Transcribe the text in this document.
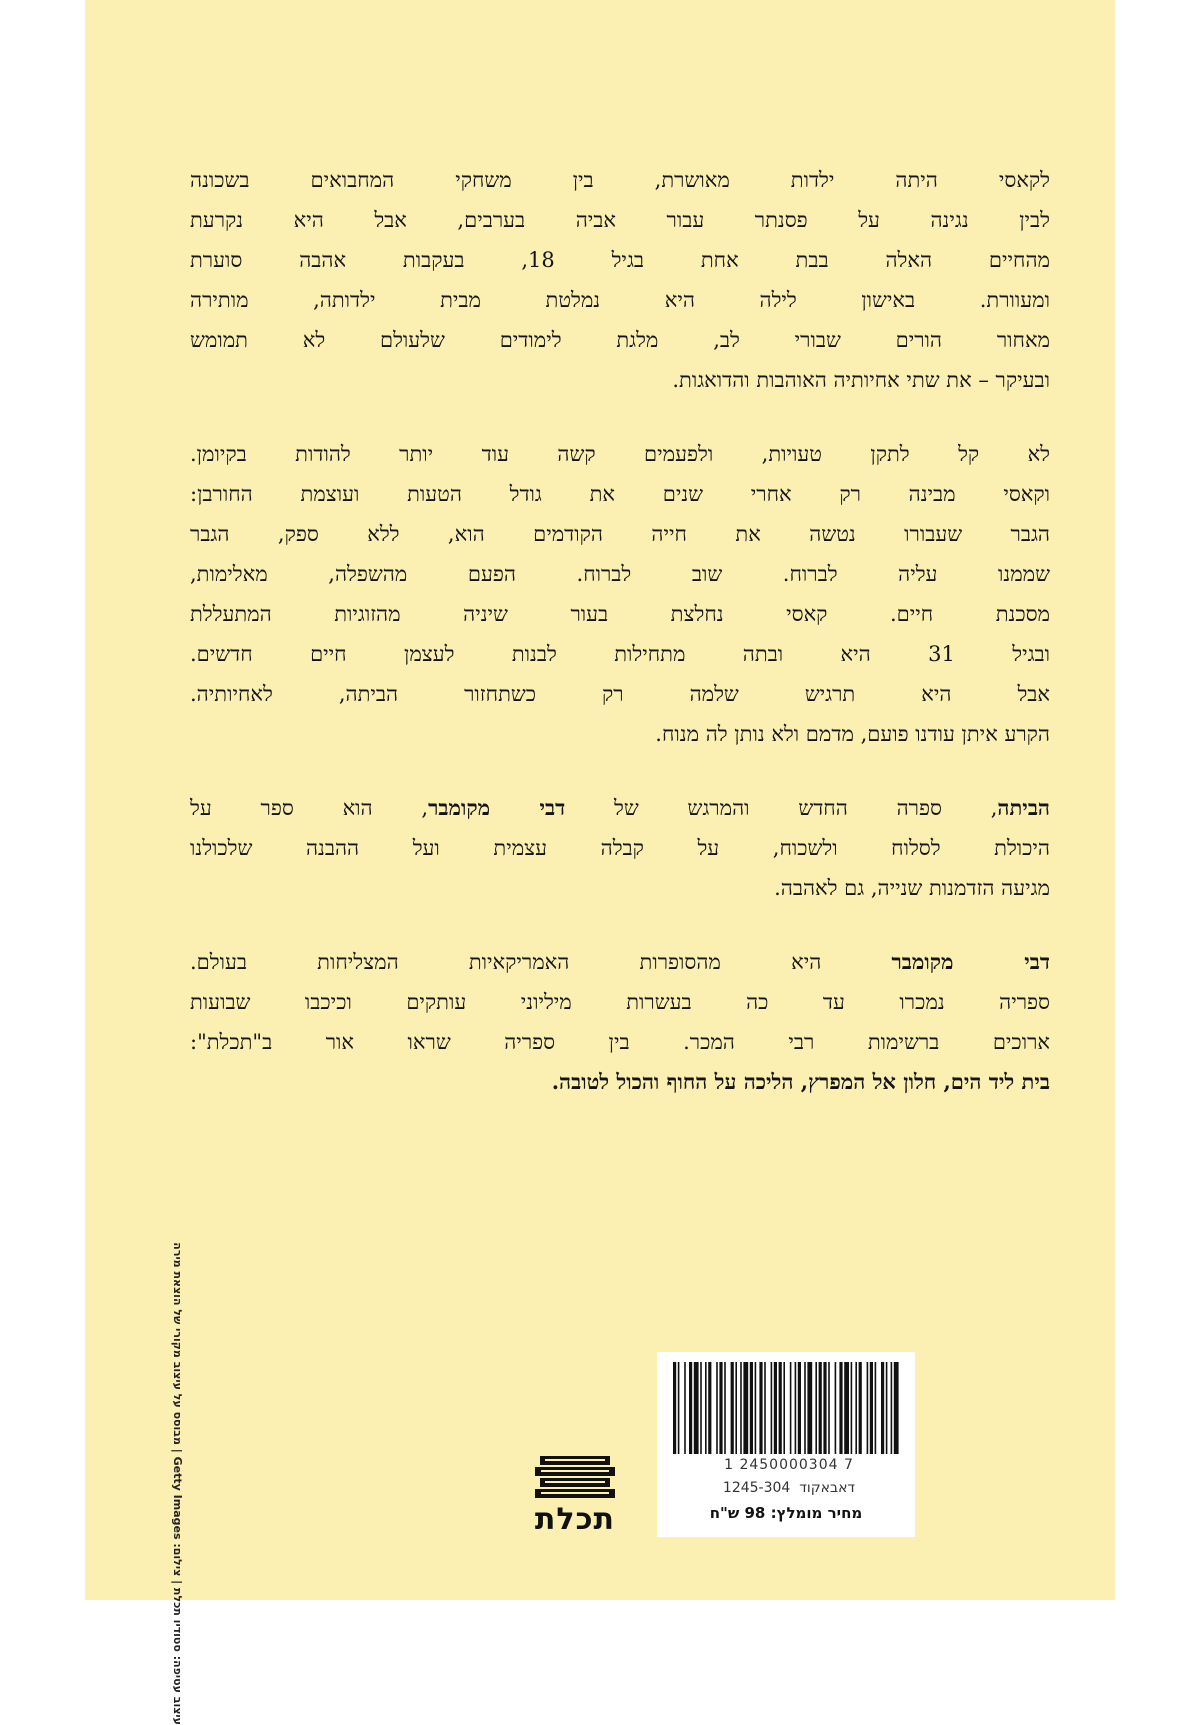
לקאסי היתה ילדות מאושרת, בין משחקי המחבואים בשכונה
לבין נגינה על פסנתר עבור אביה בערבים, אבל היא נקרעת
מהחיים האלה בבת אחת בגיל 18, בעקבות אהבה סוערת
ומעוורת. באישון לילה היא נמלטת מבית ילדותה, מותירה
מאחור הורים שבורי לב, מלגת לימודים שלעולם לא תמומש
ובעיקר – את שתי אחיותיה האוהבות והדואגות.

לא קל לתקן טעויות, ולפעמים קשה עוד יותר להודות בקיומן.
וקאסי מבינה רק אחרי שנים את גודל הטעות ועוצמת החורבן:
הגבר שעבורו נטשה את חייה הקודמים הוא, ללא ספק, הגבר
שממנו עליה לברוח. שוב לברוח. הפעם מהשפלה, מאלימות,
מסכנת חיים. קאסי נחלצת בעור שיניה מהזוגיות המתעללת
ובגיל 31 היא ובתה מתחילות לבנות לעצמן חיים חדשים.
אבל היא תרגיש שלמה רק כשתחזור הביתה, לאחיותיה.
הקרע איתן עודנו פועם, מדמם ולא נותן לה מנוח.

הביתה, ספרה החדש והמרגש של דבי מקומבר, הוא ספר על
היכולת לסלוח ולשכוח, על קבלה עצמית ועל ההבנה שלכולנו
מגיעה הזדמנות שנייה, גם לאהבה.

דבי מקומבר היא מהסופרות האמריקאיות המצליחות בעולם.
ספריה נמכרו עד כה בעשרות מיליוני עותקים וכיכבו שבועות
ארוכים ברשימות רבי המכר. בין ספריה שראו אור ב"תכלת":
בית ליד הים, חלון אל המפרץ, הליכה על החוף והכול לטובה.

עיצוב עטיפה: סטודיו תכלת | צילום: Getty Images | מבוסס על עיצוב מקורי של הוצאת מירה
1 2450000304 7
דאבאקוד  1245-304
מחיר מומלץ: 98 ש"ח
תכלת
